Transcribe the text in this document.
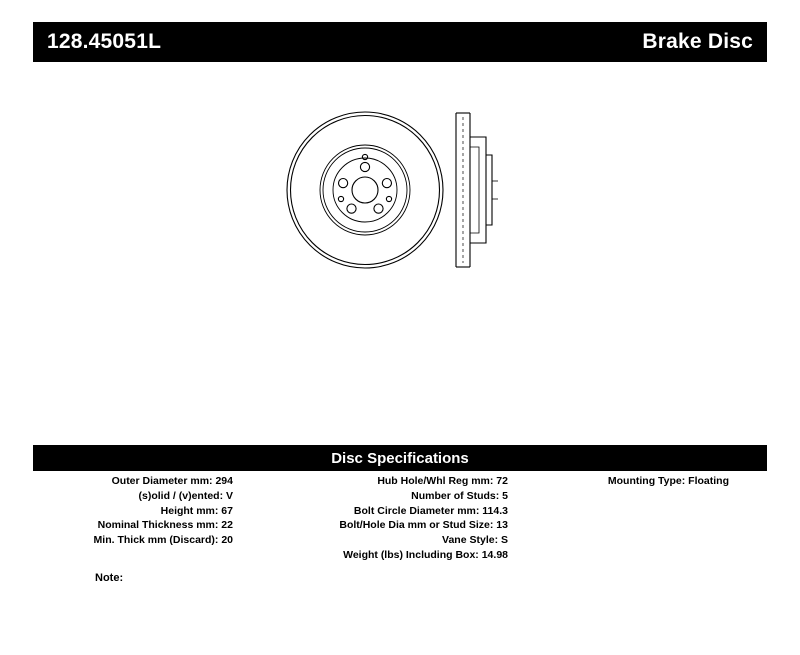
128.45051L	Brake Disc
Disc Specifications
Outer Diameter mm: 294
(s)olid / (v)ented: V
Height mm: 67
Nominal Thickness mm: 22
Min. Thick mm (Discard): 20
Hub Hole/Whl Reg mm: 72
Number of Studs: 5
Bolt Circle Diameter mm: 114.3
Bolt/Hole Dia mm or Stud Size: 13
Vane Style: S
Weight (lbs) Including Box: 14.98
Mounting Type: Floating
Note:
